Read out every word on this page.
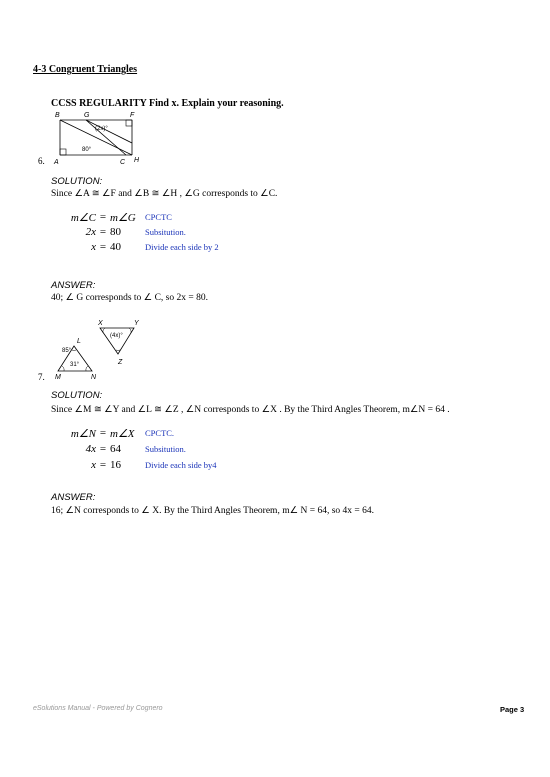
4-3 Congruent Triangles
CCSS REGULARITY Find x. Explain your reasoning.
B	G	F
A	C H
(2x)°
80°
6.
SOLUTION:
Since ∠A ≅ ∠F and ∠B ≅ ∠H , ∠G corresponds to ∠C.
m∠C = m∠G CPCTC
2x = 80	Subsitution.
x = 40	Divide each side by 2
ANSWER:
40; ∠ G corresponds to ∠ C, so 2x = 80.
X	Y
L
Z
M	N
(4x)°
85°
31°
7.
SOLUTION:
Since ∠M ≅ ∠Y and ∠L ≅ ∠Z , ∠N corresponds to ∠X . By the Third Angles Theorem, m∠N = 64 .
m∠N = m∠X CPCTC.
4x = 64	Subsitution.
x = 16	Divide each side by4
ANSWER:
16; ∠N corresponds to ∠ X. By the Third Angles Theorem, m∠ N = 64, so 4x = 64.
eSolutions Manual - Powered by Cognero	Page 3
